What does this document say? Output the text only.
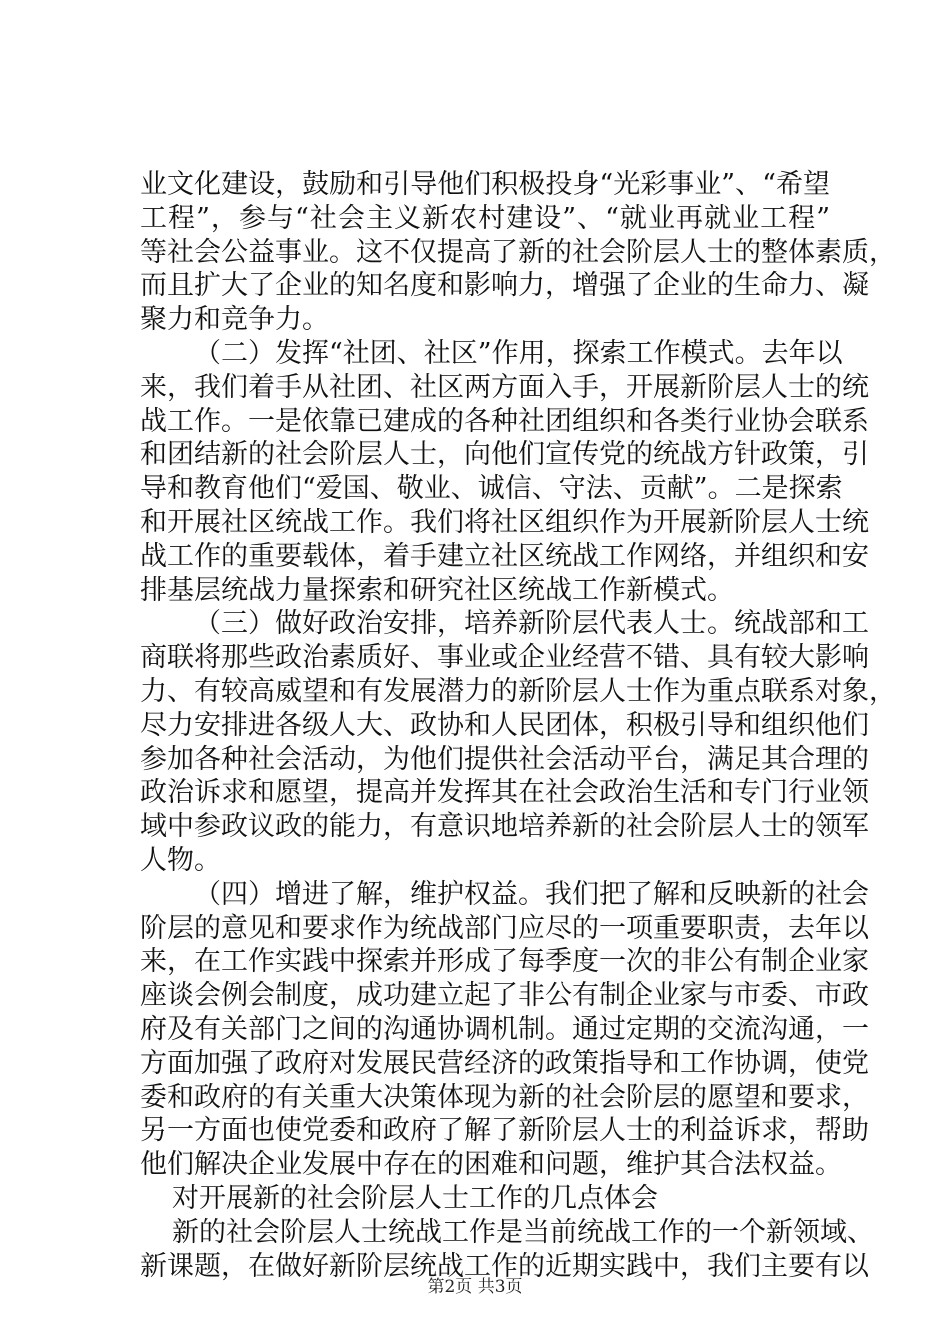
业文化建设，鼓励和引导他们积极投身“光彩事业”、“希望
工程”，参与“社会主义新农村建设”、“就业再就业工程”
等社会公益事业。这不仅提高了新的社会阶层人士的整体素质，
而且扩大了企业的知名度和影响力，增强了企业的生命力、凝
聚力和竞争力。
（二）发挥“社团、社区”作用，探索工作模式。去年以
来，我们着手从社团、社区两方面入手，开展新阶层人士的统
战工作。一是依靠已建成的各种社团组织和各类行业协会联系
和团结新的社会阶层人士，向他们宣传党的统战方针政策，引
导和教育他们“爱国、敬业、诚信、守法、贡献”。二是探索
和开展社区统战工作。我们将社区组织作为开展新阶层人士统
战工作的重要载体，着手建立社区统战工作网络，并组织和安
排基层统战力量探索和研究社区统战工作新模式。
（三）做好政治安排，培养新阶层代表人士。统战部和工
商联将那些政治素质好、事业或企业经营不错、具有较大影响
力、有较高威望和有发展潜力的新阶层人士作为重点联系对象，
尽力安排进各级人大、政协和人民团体，积极引导和组织他们
参加各种社会活动，为他们提供社会活动平台，满足其合理的
政治诉求和愿望，提高并发挥其在社会政治生活和专门行业领
域中参政议政的能力，有意识地培养新的社会阶层人士的领军
人物。
（四）增进了解，维护权益。我们把了解和反映新的社会
阶层的意见和要求作为统战部门应尽的一项重要职责，去年以
来，在工作实践中探索并形成了每季度一次的非公有制企业家
座谈会例会制度，成功建立起了非公有制企业家与市委、市政
府及有关部门之间的沟通协调机制。通过定期的交流沟通，一
方面加强了政府对发展民营经济的政策指导和工作协调，使党
委和政府的有关重大决策体现为新的社会阶层的愿望和要求，
另一方面也使党委和政府了解了新阶层人士的利益诉求，帮助
他们解决企业发展中存在的困难和问题，维护其合法权益。
对开展新的社会阶层人士工作的几点体会
新的社会阶层人士统战工作是当前统战工作的一个新领域、
新课题，在做好新阶层统战工作的近期实践中，我们主要有以
第2页 共3页
